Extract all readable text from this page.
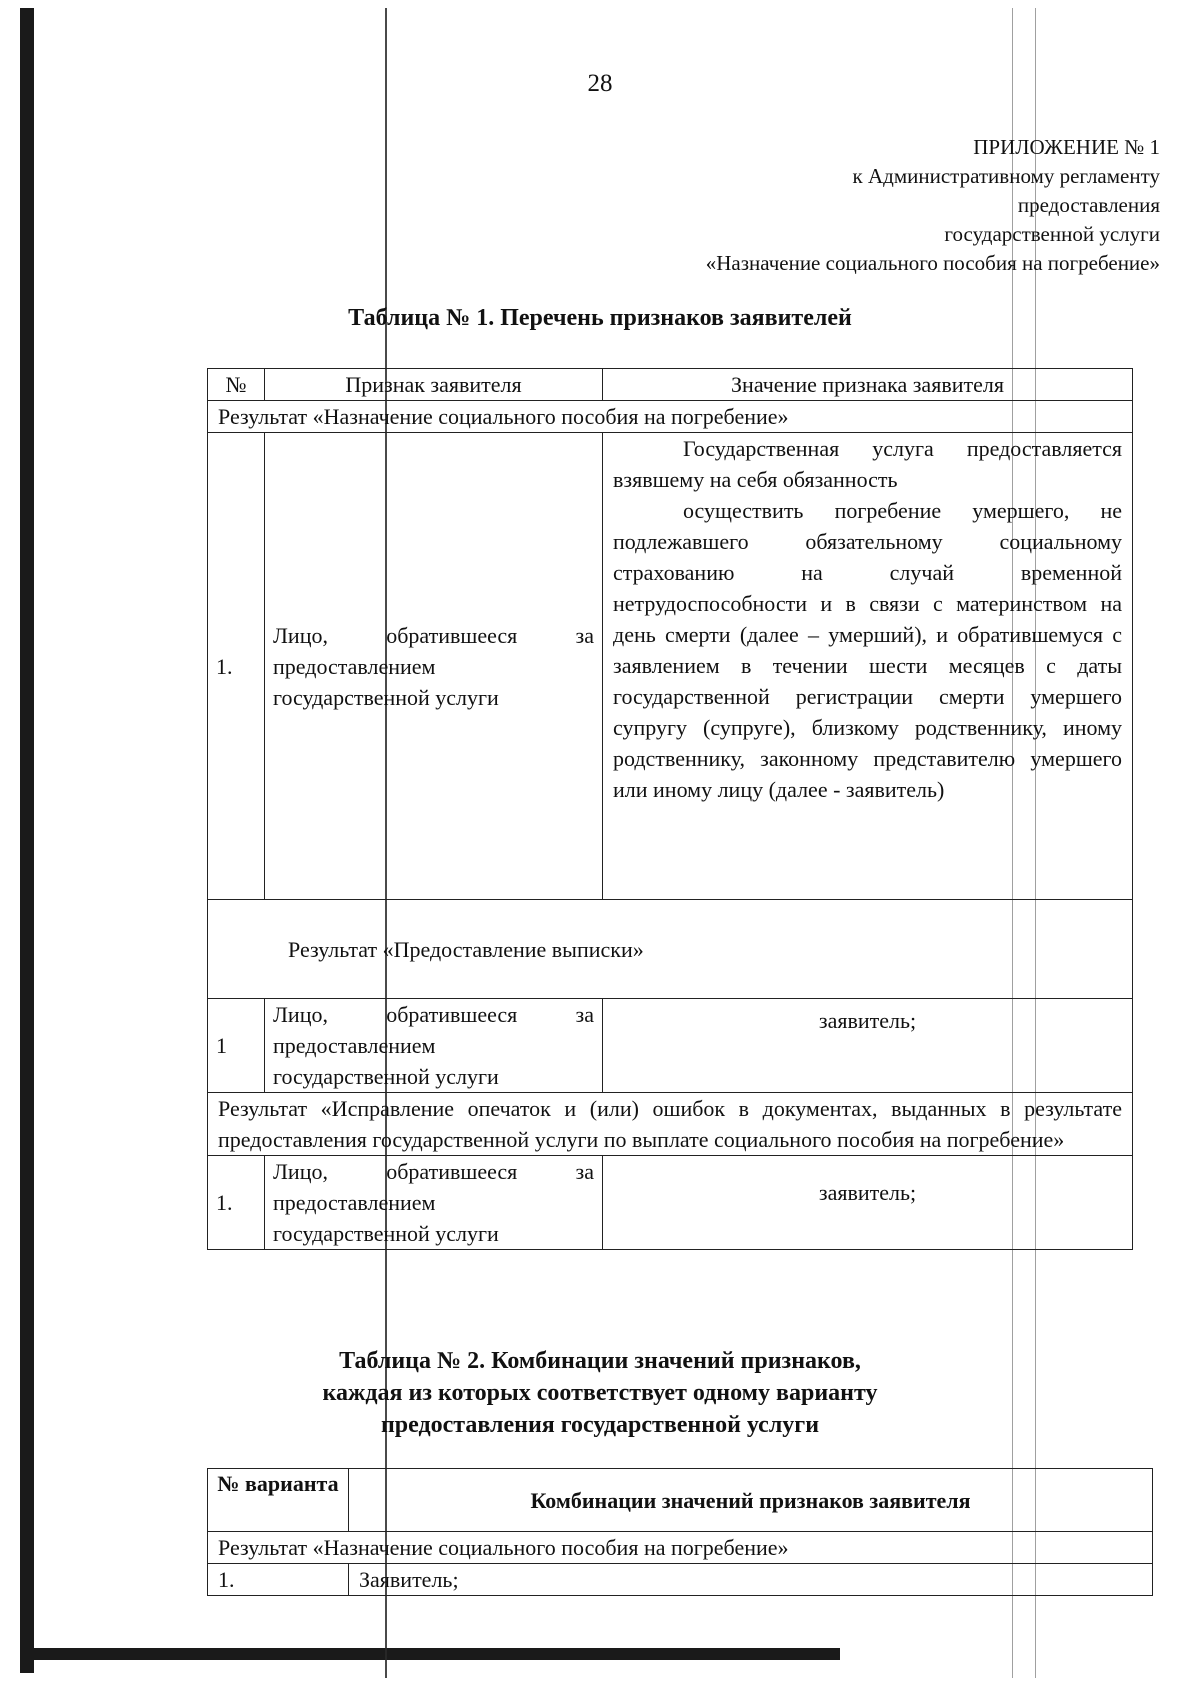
28
ПРИЛОЖЕНИЕ № 1
к Административному регламенту
предоставления
государственной услуги
«Назначение социального пособия на погребение»
Таблица № 1. Перечень признаков заявителей
№	Признак заявителя	Значение признака заявителя
Результат «Назначение социального пособия на погребение»		
1.	Лицо, обратившееся за предоставлением государственной услуги	Государственная услуга предоставляется взявшему на себя обязанность
осуществить погребение умершего, не подлежавшего обязательному социальному страхованию на случай временной нетрудоспособности и в связи с материнством на день смерти (далее – умерший), и обратившемуся с заявлением в течении шести месяцев с даты государственной регистрации смерти умершего супругу (супруге), близкому родственнику, иному родственнику, законному представителю умершего или иному лицу (далее - заявитель)

Результат «Предоставление выписки»		
1	Лицо, обратившееся за предоставлением государственной услуги	заявитель;
Результат «Исправление опечаток и (или) ошибок в документах, выданных в результате предоставления государственной услуги по выплате социального пособия на погребение»		
1.	Лицо, обратившееся за предоставлением государственной услуги	заявитель;
Таблица № 2. Комбинации значений признаков,
каждая из которых соответствует одному варианту
предоставления государственной услуги
№ варианта	Комбинации значений признаков заявителя
Результат «Назначение социального пособия на погребение»	
1.	Заявитель;
